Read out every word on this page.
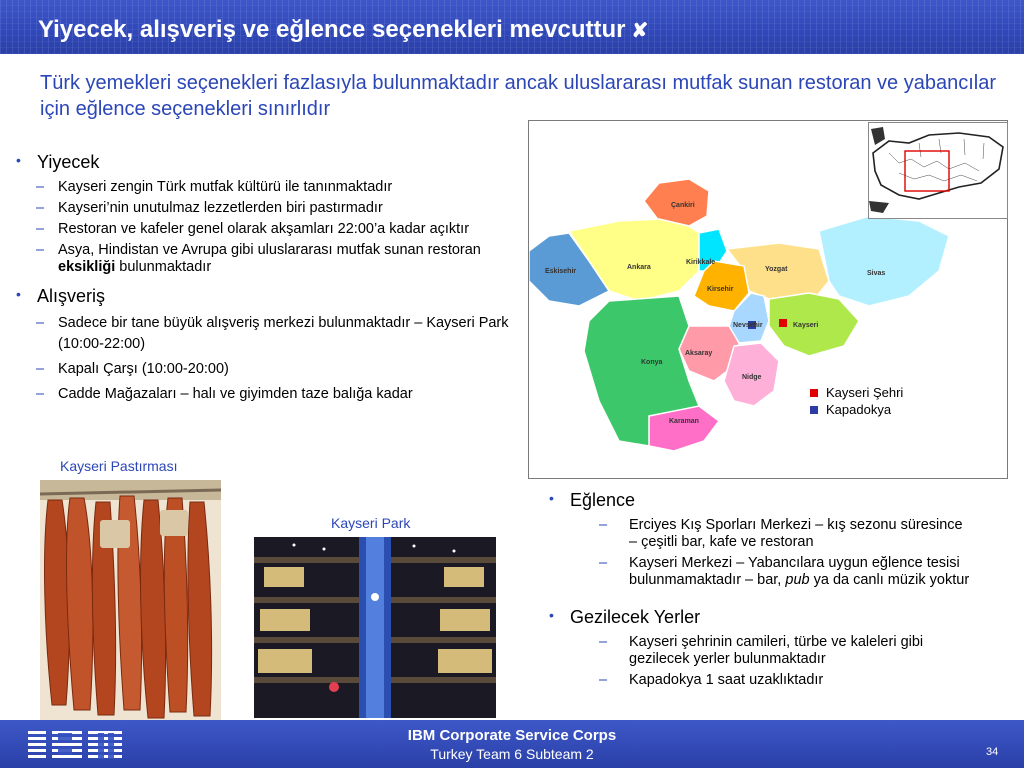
Yiyecek, alışveriş ve eğlence seçenekleri mevcuttur ✘
Türk yemekleri seçenekleri fazlasıyla bulunmaktadır ancak uluslararası mutfak sunan restoran ve yabancılar için eğlence seçenekleri sınırlıdır
• Yiyecek
– Kayseri zengin Türk mutfak kültürü ile tanınmaktadır
– Kayseri’nin unutulmaz lezzetlerden biri pastırmadır
– Restoran ve kafeler genel olarak akşamları 22:00’a kadar açıktır
– Asya, Hindistan ve Avrupa gibi uluslararası mutfak sunan restoran eksikliği bulunmaktadır
• Alışveriş
– Sadece bir tane büyük alışveriş merkezi bulunmaktadır – Kayseri Park (10:00-22:00)
– Kapalı Çarşı (10:00-20:00)
– Cadde Mağazaları – halı ve giyimden taze balığa kadar
Kayseri Pastırması
Kayseri Park
Çankiri
Ankara
Kirikkale
Yozgat
Sivas
Eskisehir
Kirsehir
Nevsehir	Kayseri
Aksaray
Konya
Nidge
Karaman
Kayseri Şehri
Kapadokya
• Eğlence
– Erciyes Kış Sporları Merkezi – kış sezonu süresince – çeşitli bar, kafe ve restoran
– Kayseri Merkezi – Yabancılara uygun eğlence tesisi bulunmamaktadır – bar, pub ya da canlı müzik yoktur
• Gezilecek Yerler
– Kayseri şehrinin camileri, türbe ve kaleleri gibi gezilecek yerler bulunmaktadır
– Kapadokya 1 saat uzaklıktadır
IBM Corporate Service Corps
Turkey Team 6 Subteam 2	34
